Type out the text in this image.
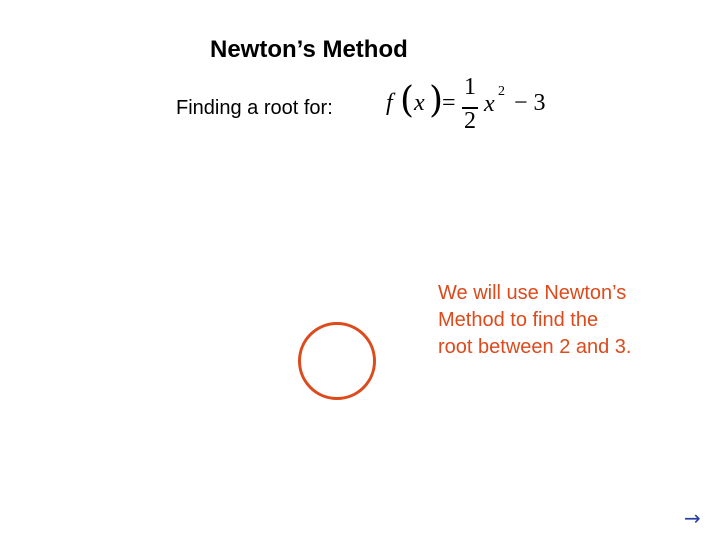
Newton’s Method
Finding a root for: f ( x )
=
1
2
x 2 − 3
We will use Newton’s
Method to find the
root between 2 and 3.
→
